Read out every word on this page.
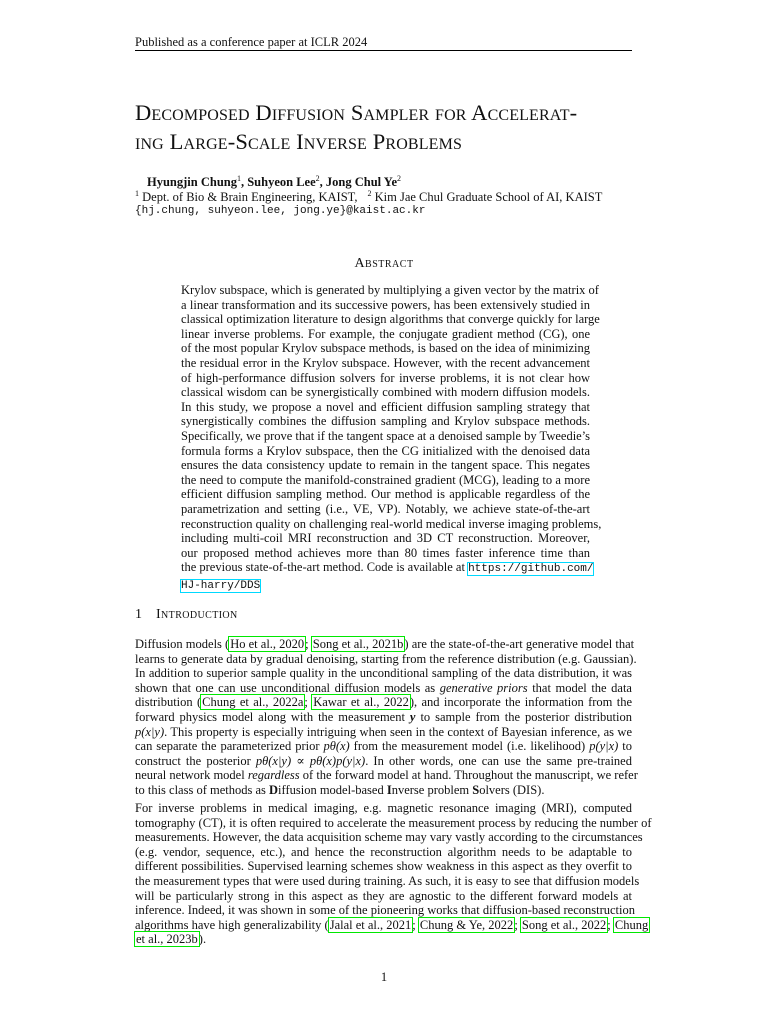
Published as a conference paper at ICLR 2024
Decomposed Diffusion Sampler for Accelerat-
ing Large-Scale Inverse Problems
Hyungjin Chung$^1$, Suhyeon Lee$^2$, Jong Chul Ye$^2$
$^1$ Dept. of Bio & Brain Engineering, KAIST, $^2$ Kim Jae Chul Graduate School of AI, KAIST
{hj.chung, suhyeon.lee, jong.ye}@kaist.ac.kr
Abstract
Krylov subspace, which is generated by multiplying a given vector by the matrix of
a linear transformation and its successive powers, has been extensively studied in
classical optimization literature to design algorithms that converge quickly for large
linear inverse problems. For example, the conjugate gradient method (CG), one
of the most popular Krylov subspace methods, is based on the idea of minimizing
the residual error in the Krylov subspace. However, with the recent advancement
of high-performance diffusion solvers for inverse problems, it is not clear how
classical wisdom can be synergistically combined with modern diffusion models.
In this study, we propose a novel and efficient diffusion sampling strategy that
synergistically combines the diffusion sampling and Krylov subspace methods.
Specifically, we prove that if the tangent space at a denoised sample by Tweedie’s
formula forms a Krylov subspace, then the CG initialized with the denoised data
ensures the data consistency update to remain in the tangent space. This negates
the need to compute the manifold-constrained gradient (MCG), leading to a more
efficient diffusion sampling method. Our method is applicable regardless of the
parametrization and setting (i.e., VE, VP). Notably, we achieve state-of-the-art
reconstruction quality on challenging real-world medical inverse imaging problems,
including multi-coil MRI reconstruction and 3D CT reconstruction. Moreover,
our proposed method achieves more than 80 times faster inference time than
the previous state-of-the-art method. Code is available at https://github.com/
HJ-harry/DDS
1 Introduction
Diffusion models (Ho et al., 2020; Song et al., 2021b) are the state-of-the-art generative model that
learns to generate data by gradual denoising, starting from the reference distribution (e.g. Gaussian).
In addition to superior sample quality in the unconditional sampling of the data distribution, it was
shown that one can use unconditional diffusion models as generative priors that model the data
distribution (Chung et al., 2022a; Kawar et al., 2022), and incorporate the information from the
forward physics model along with the measurement y to sample from the posterior distribution
p(x|y). This property is especially intriguing when seen in the context of Bayesian inference, as we
can separate the parameterized prior pθ(x) from the measurement model (i.e. likelihood) p(y|x) to
construct the posterior pθ(x|y) ∝ pθ(x)p(y|x). In other words, one can use the same pre-trained
neural network model regardless of the forward model at hand. Throughout the manuscript, we refer
to this class of methods as Diffusion model-based Inverse problem Solvers (DIS).
For inverse problems in medical imaging, e.g. magnetic resonance imaging (MRI), computed
tomography (CT), it is often required to accelerate the measurement process by reducing the number of
measurements. However, the data acquisition scheme may vary vastly according to the circumstances
(e.g. vendor, sequence, etc.), and hence the reconstruction algorithm needs to be adaptable to
different possibilities. Supervised learning schemes show weakness in this aspect as they overfit to
the measurement types that were used during training. As such, it is easy to see that diffusion models
will be particularly strong in this aspect as they are agnostic to the different forward models at
inference. Indeed, it was shown in some of the pioneering works that diffusion-based reconstruction
algorithms have high generalizability (Jalal et al., 2021; Chung & Ye, 2022; Song et al., 2022; Chung
et al., 2023b).
1
